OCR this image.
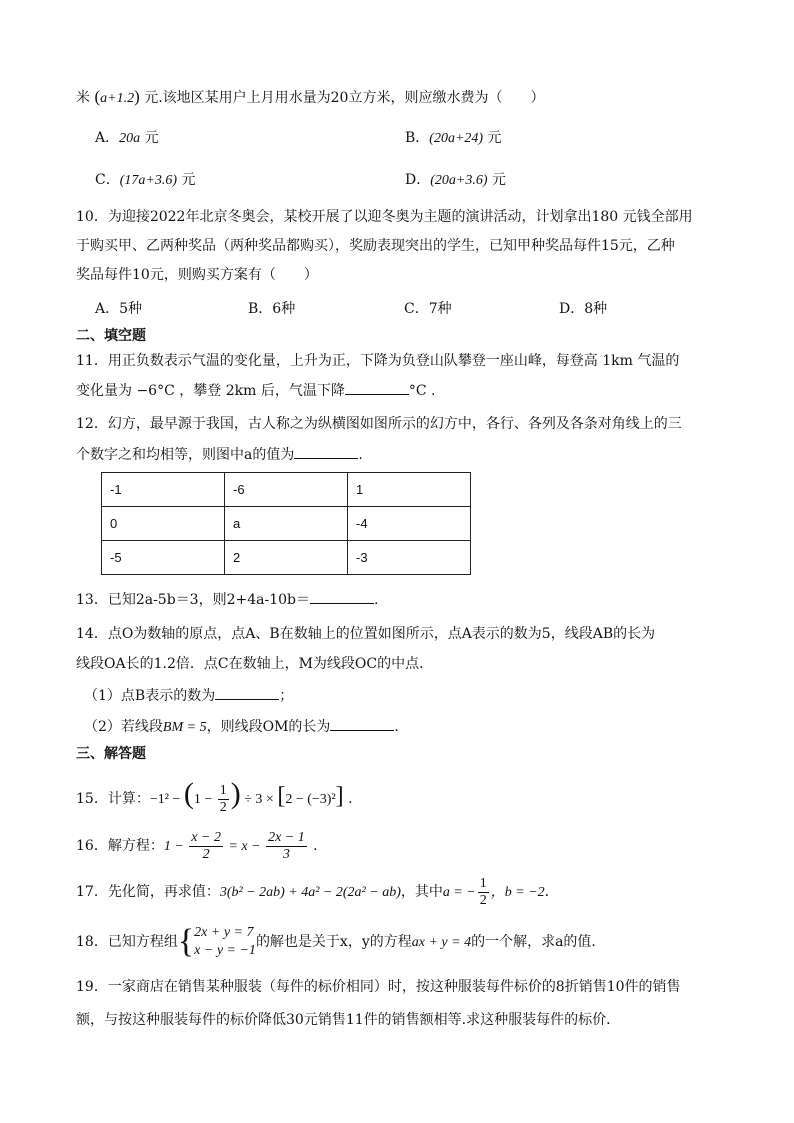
米 (a+1.2) 元.该地区某用户上月用水量为20立方米，则应缴水费为（　　）
A．20a 元	B．(20a+24) 元
C．(17a+3.6) 元	D．(20a+3.6) 元
10．为迎接2022年北京冬奥会，某校开展了以迎冬奥为主题的演讲活动，计划拿出180 元钱全部用
于购买甲、乙两种奖品（两种奖品都购买），奖励表现突出的学生，已知甲种奖品每件15元，乙种
奖品每件10元，则购买方案有（　　）
A．5种	B．6种	C．7种	D．8种
二、填空题
11．用正负数表示气温的变化量，上升为正，下降为负登山队攀登一座山峰，每登高 1km 气温的
变化量为 −6°C ，攀登 2km 后，气温下降	°C .
12．幻方，最早源于我国，古人称之为纵横图如图所示的幻方中，各行、各列及各条对角线上的三
个数字之和均相等，则图中a的值为	.
-1	-6	1
0	a	-4
-5	2	-3
13．已知2a-5b＝3，则2+4a-10b＝	.
14．点O为数轴的原点，点A、B在数轴上的位置如图所示，点A表示的数为5，线段AB的长为
线段OA长的1.2倍．点C在数轴上，M为线段OC的中点．
（1）点B表示的数为	；
（2）若线段BM = 5，则线段OM的长为	．
三、解答题
15．计算：$-1^2 - (1 - \frac{1}{2}$ ) ÷ 3 × [2 − (−3)²] .
16．解方程：$1 - \frac{x - 2}{2} = x - \frac{2x - 1}{3}$ .
17．先化简，再求值：3(b² − 2ab) + 4a² − 2(2a² − ab)，其中a = − $\frac{1}{2}$ ，b = −2．
18．已知方程组{ 2x + y = 7
x − y = −1
的解也是关于x，y的方程ax + y = 4的一个解，求a的值．
19．一家商店在销售某种服装（每件的标价相同）时，按这种服装每件标价的8折销售10件的销售
额，与按这种服装每件的标价降低30元销售11件的销售额相等.求这种服装每件的标价.
